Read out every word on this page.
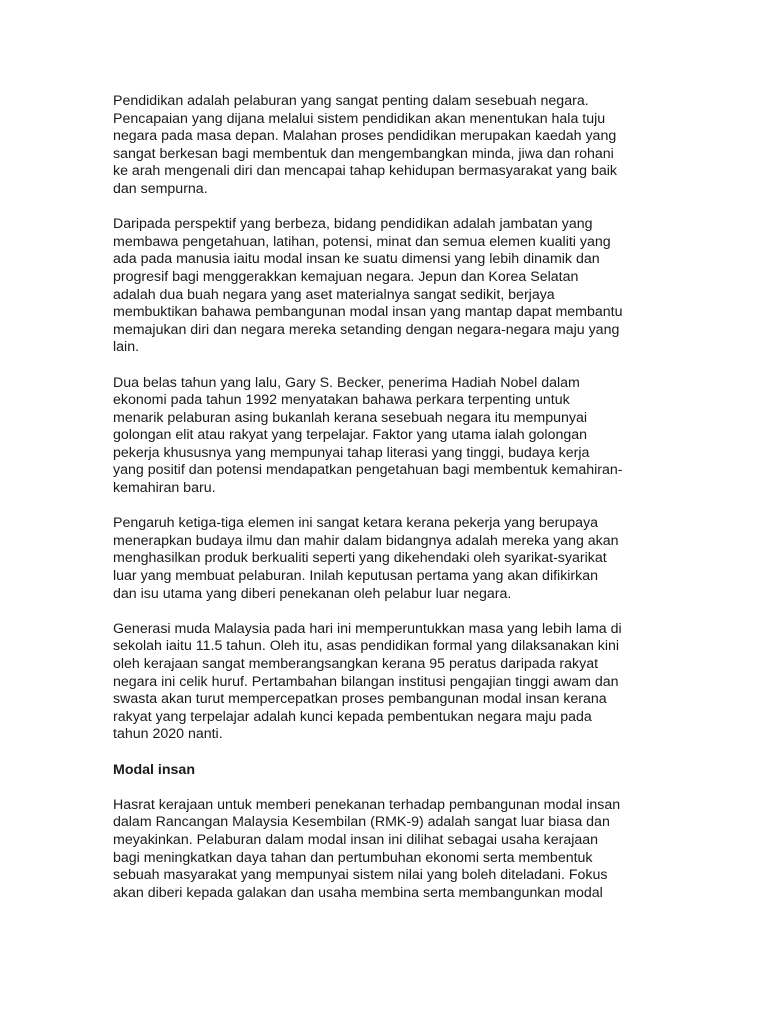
Pendidikan adalah pelaburan yang sangat penting dalam sesebuah negara.
Pencapaian yang dijana melalui sistem pendidikan akan menentukan hala tuju
negara pada masa depan. Malahan proses pendidikan merupakan kaedah yang
sangat berkesan bagi membentuk dan mengembangkan minda, jiwa dan rohani
ke arah mengenali diri dan mencapai tahap kehidupan bermasyarakat yang baik
dan sempurna.

Daripada perspektif yang berbeza, bidang pendidikan adalah jambatan yang
membawa pengetahuan, latihan, potensi, minat dan semua elemen kualiti yang
ada pada manusia iaitu modal insan ke suatu dimensi yang lebih dinamik dan
progresif bagi menggerakkan kemajuan negara. Jepun dan Korea Selatan
adalah dua buah negara yang aset materialnya sangat sedikit, berjaya
membuktikan bahawa pembangunan modal insan yang mantap dapat membantu
memajukan diri dan negara mereka setanding dengan negara-negara maju yang
lain.

Dua belas tahun yang lalu, Gary S. Becker, penerima Hadiah Nobel dalam
ekonomi pada tahun 1992 menyatakan bahawa perkara terpenting untuk
menarik pelaburan asing bukanlah kerana sesebuah negara itu mempunyai
golongan elit atau rakyat yang terpelajar. Faktor yang utama ialah golongan
pekerja khususnya yang mempunyai tahap literasi yang tinggi, budaya kerja
yang positif dan potensi mendapatkan pengetahuan bagi membentuk kemahiran-
kemahiran baru.

Pengaruh ketiga-tiga elemen ini sangat ketara kerana pekerja yang berupaya
menerapkan budaya ilmu dan mahir dalam bidangnya adalah mereka yang akan
menghasilkan produk berkualiti seperti yang dikehendaki oleh syarikat-syarikat
luar yang membuat pelaburan. Inilah keputusan pertama yang akan difikirkan
dan isu utama yang diberi penekanan oleh pelabur luar negara.

Generasi muda Malaysia pada hari ini memperuntukkan masa yang lebih lama di
sekolah iaitu 11.5 tahun. Oleh itu, asas pendidikan formal yang dilaksanakan kini
oleh kerajaan sangat memberangsangkan kerana 95 peratus daripada rakyat
negara ini celik huruf. Pertambahan bilangan institusi pengajian tinggi awam dan
swasta akan turut mempercepatkan proses pembangunan modal insan kerana
rakyat yang terpelajar adalah kunci kepada pembentukan negara maju pada
tahun 2020 nanti.

Modal insan

Hasrat kerajaan untuk memberi penekanan terhadap pembangunan modal insan
dalam Rancangan Malaysia Kesembilan (RMK-9) adalah sangat luar biasa dan
meyakinkan. Pelaburan dalam modal insan ini dilihat sebagai usaha kerajaan
bagi meningkatkan daya tahan dan pertumbuhan ekonomi serta membentuk
sebuah masyarakat yang mempunyai sistem nilai yang boleh diteladani. Fokus
akan diberi kepada galakan dan usaha membina serta membangunkan modal
